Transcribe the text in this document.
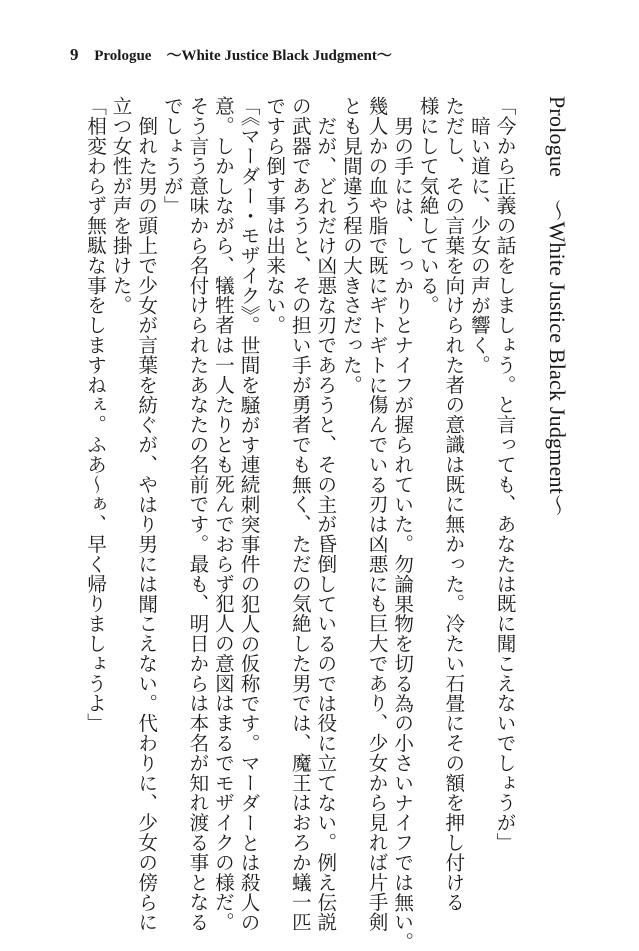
9 Prologue　～White Justice Black Judgment～
Prologue　～White Justice Black Judgment～
「今から正義の話をしましょう。と言っても、あなたは既に聞こえないでしょうが」
暗い道に、少女の声が響く。
ただし、その言葉を向けられた者の意識は既に無かった。冷たい石畳にその額を押し付ける
様にして気絶している。
男の手には、しっかりとナイフが握られていた。勿論果物を切る為の小さいナイフでは無い。
幾人かの血や脂で既にギトギトに傷んでいる刃は凶悪にも巨大であり、少女から見れば片手剣
とも見間違う程の大きさだった。
だが、どれだけ凶悪な刃であろうと、その主が昏倒しているのでは役に立てない。例え伝説
の武器であろうと、その担い手が勇者でも無く、ただの気絶した男では、魔王はおろか蟻一匹
ですら倒す事は出来ない。
「《マーダー・モザイク》。世間を騒がす連続刺突事件の犯人の仮称です。マーダーとは殺人の
意。しかしながら、犠牲者は一人たりとも死んでおらず犯人の意図はまるでモザイクの様だ。
そう言う意味から名付けられたあなたの名前です。最も、明日からは本名が知れ渡る事となる
でしょうが」
倒れた男の頭上で少女が言葉を紡ぐが、やはり男には聞こえない。代わりに、少女の傍らに
立つ女性が声を掛けた。
「相変わらず無駄な事をしますねぇ。ふあ～ぁ、早く帰りましょうよ」
